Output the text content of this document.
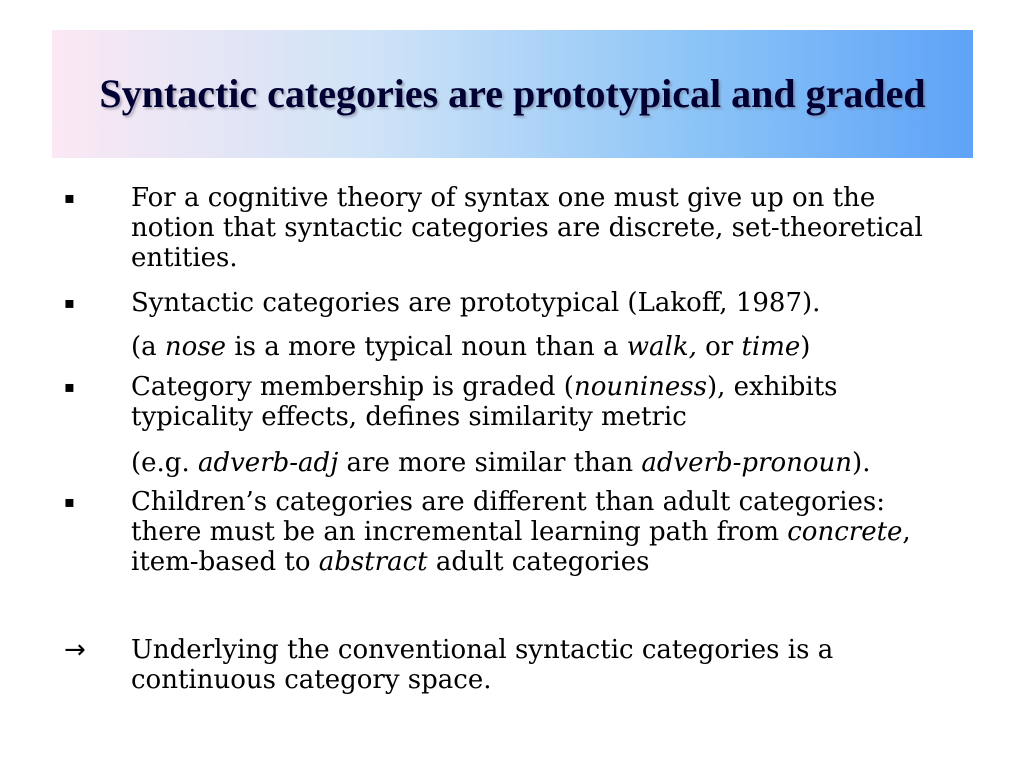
Syntactic categories are prototypical and graded
▪	For a cognitive theory of syntax one must give up on the notion that syntactic categories are discrete, set-theoretical entities.
▪	Syntactic categories are prototypical (Lakoff, 1987).
(a nose is a more typical noun than a walk, or time)
▪	Category membership is graded (nouniness), exhibits typicality effects, defines similarity metric
(e.g. adverb-adj are more similar than adverb-pronoun).
▪	Children’s categories are different than adult categories: there must be an incremental learning path from concrete, item-based to abstract adult categories
→ Underlying the conventional syntactic categories is a continuous category space.
